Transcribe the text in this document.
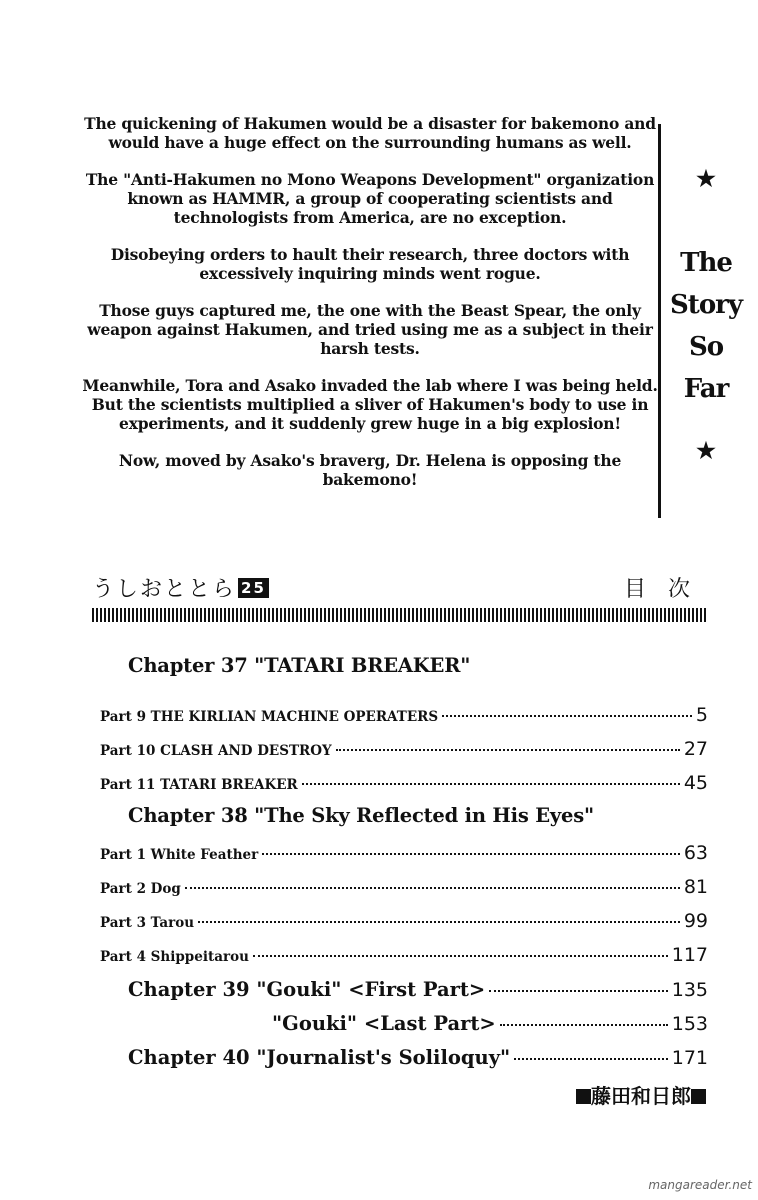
The quickening of Hakumen would be a disaster for bakemono and would have a huge effect on the surrounding humans as well.

The "Anti-Hakumen no Mono Weapons Development" organization known as HAMMR, a group of cooperating scientists and technologists from America, are no exception.

Disobeying orders to hault their research, three doctors with excessively inquiring minds went rogue.

Those guys captured me, the one with the Beast Spear, the only weapon against Hakumen, and tried using me as a subject in their harsh tests.

Meanwhile, Tora and Asako invaded the lab where I was being held. But the scientists multiplied a sliver of Hakumen's body to use in experiments, and it suddenly grew huge in a big explosion!

Now, moved by Asako's braverg, Dr. Helena is opposing the bakemono!

★
The
Story
So
Far
★
うしおととら 25	目次
Chapter 37 "TATARI BREAKER"
Part 9 THE KIRLIAN MACHINE OPERATERS	5
Part 10 CLASH AND DESTROY	27
Part 11 TATARI BREAKER	45
Chapter 38 "The Sky Reflected in His Eyes"
Part 1 White Feather	63
Part 2 Dog	81
Part 3 Tarou	99
Part 4 Shippeitarou	117
Chapter 39 "Gouki" <First Part>	135
"Gouki" <Last Part>	153
Chapter 40 "Journalist's Soliloquy"	171
藤田和日郎
mangareader.net
